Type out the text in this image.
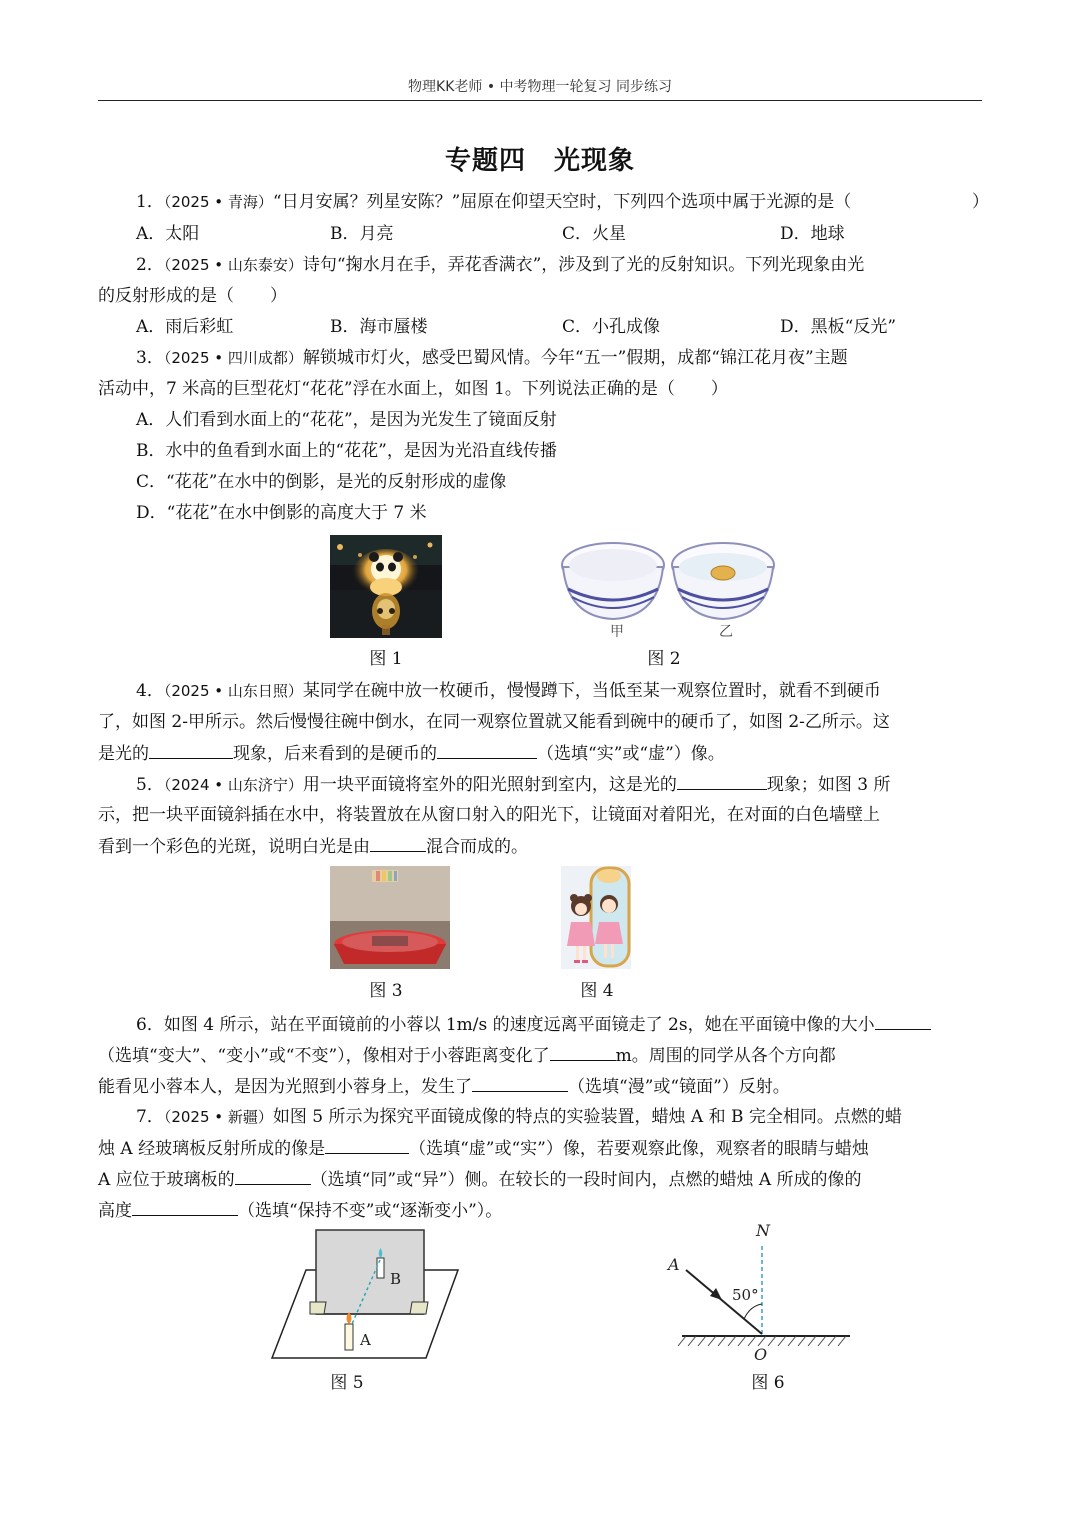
物理KK老师 • 中考物理一轮复习 同步练习
专题四 光现象
1．（2025 • 青海）“日月安属？列星安陈？”屈原在仰望天空时，下列四个选项中属于光源的是（	）
A．太阳	B．月亮	C．火星	D．地球
2．（2025 • 山东泰安）诗句“掬水月在手，弄花香满衣”，涉及到了光的反射知识。下列光现象由光
的反射形成的是（ ）
A．雨后彩虹	B．海市蜃楼	C．小孔成像	D．黑板“反光”
3．（2025 • 四川成都）解锁城市灯火，感受巴蜀风情。今年“五一”假期，成都“锦江花月夜”主题
活动中，7 米高的巨型花灯“花花”浮在水面上，如图 1。下列说法正确的是（ ）
A．人们看到水面上的“花花”，是因为光发生了镜面反射
B．水中的鱼看到水面上的“花花”，是因为光沿直线传播
C．“花花”在水中的倒影，是光的反射形成的虚像
D．“花花”在水中倒影的高度大于 7 米
图 1
甲	乙
图 2
4．（2025 • 山东日照）某同学在碗中放一枚硬币，慢慢蹲下，当低至某一观察位置时，就看不到硬币
了，如图 2-甲所示。然后慢慢往碗中倒水，在同一观察位置就又能看到碗中的硬币了，如图 2-乙所示。这
是光的	现象，后来看到的是硬币的	（选填“实”或“虚”）像。
5．（2024 • 山东济宁）用一块平面镜将室外的阳光照射到室内，这是光的	现象；如图 3 所
示，把一块平面镜斜插在水中，将装置放在从窗口射入的阳光下，让镜面对着阳光，在对面的白色墙壁上
看到一个彩色的光斑，说明白光是由	混合而成的。
图 3	图 4
6．如图 4 所示，站在平面镜前的小蓉以 1m/s 的速度远离平面镜走了 2s，她在平面镜中像的大小
（选填“变大”、“变小”或“不变”），像相对于小蓉距离变化了	m。周围的同学从各个方向都
能看见小蓉本人，是因为光照到小蓉身上，发生了	（选填“漫”或“镜面”）反射。
7．（2025 • 新疆）如图 5 所示为探究平面镜成像的特点的实验装置，蜡烛 A 和 B 完全相同。点燃的蜡
烛 A 经玻璃板反射所成的像是	（选填“虚”或“实”）像，若要观察此像，观察者的眼睛与蜡烛
A 应位于玻璃板的	（选填“同”或“异”）侧。在较长的一段时间内，点燃的蜡烛 A 所成的像的
高度	（选填“保持不变”或“逐渐变小”）。
B
A
图 5
N
A
50°
O
图 6
